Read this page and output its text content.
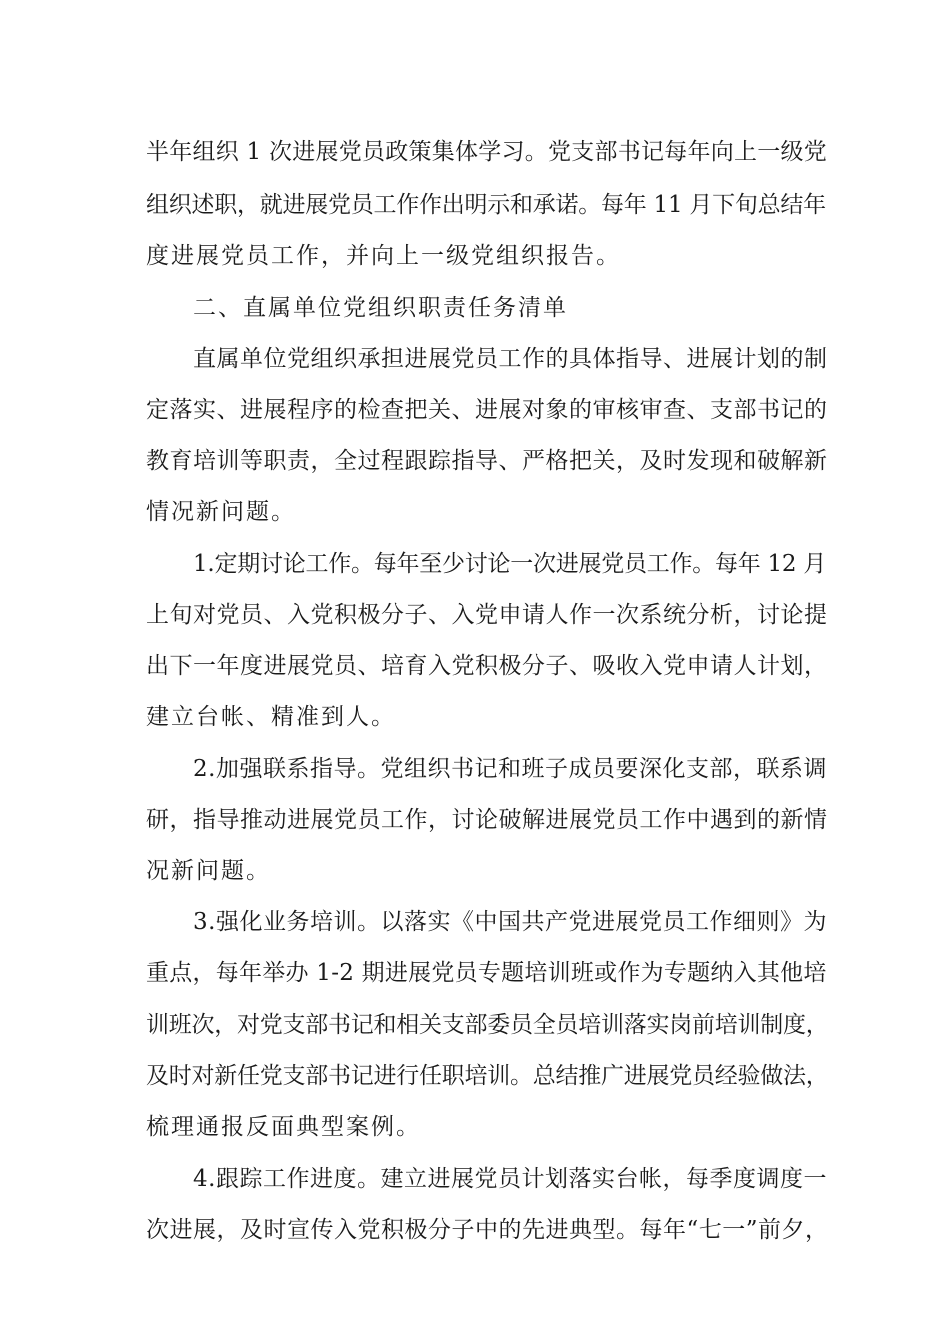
半年组织 1 次进展党员政策集体学习。党支部书记每年向上一级党
组织述职，就进展党员工作作出明示和承诺。每年 11 月下旬总结年
度进展党员工作，并向上一级党组织报告。
二、直属单位党组织职责任务清单
直属单位党组织承担进展党员工作的具体指导、进展计划的制
定落实、进展程序的检查把关、进展对象的审核审查、支部书记的
教育培训等职责，全过程跟踪指导、严格把关，及时发现和破解新
情况新问题。
1.定期讨论工作。每年至少讨论一次进展党员工作。每年 12 月
上旬对党员、入党积极分子、入党申请人作一次系统分析，讨论提
出下一年度进展党员、培育入党积极分子、吸收入党申请人计划，
建立台帐、精准到人。
2.加强联系指导。党组织书记和班子成员要深化支部，联系调
研，指导推动进展党员工作，讨论破解进展党员工作中遇到的新情
况新问题。
3.强化业务培训。以落实《中国共产党进展党员工作细则》为
重点，每年举办 1-2 期进展党员专题培训班或作为专题纳入其他培
训班次，对党支部书记和相关支部委员全员培训落实岗前培训制度，
及时对新任党支部书记进行任职培训。总结推广进展党员经验做法，
梳理通报反面典型案例。
4.跟踪工作进度。建立进展党员计划落实台帐，每季度调度一
次进展，及时宣传入党积极分子中的先进典型。每年“七一”前夕，
